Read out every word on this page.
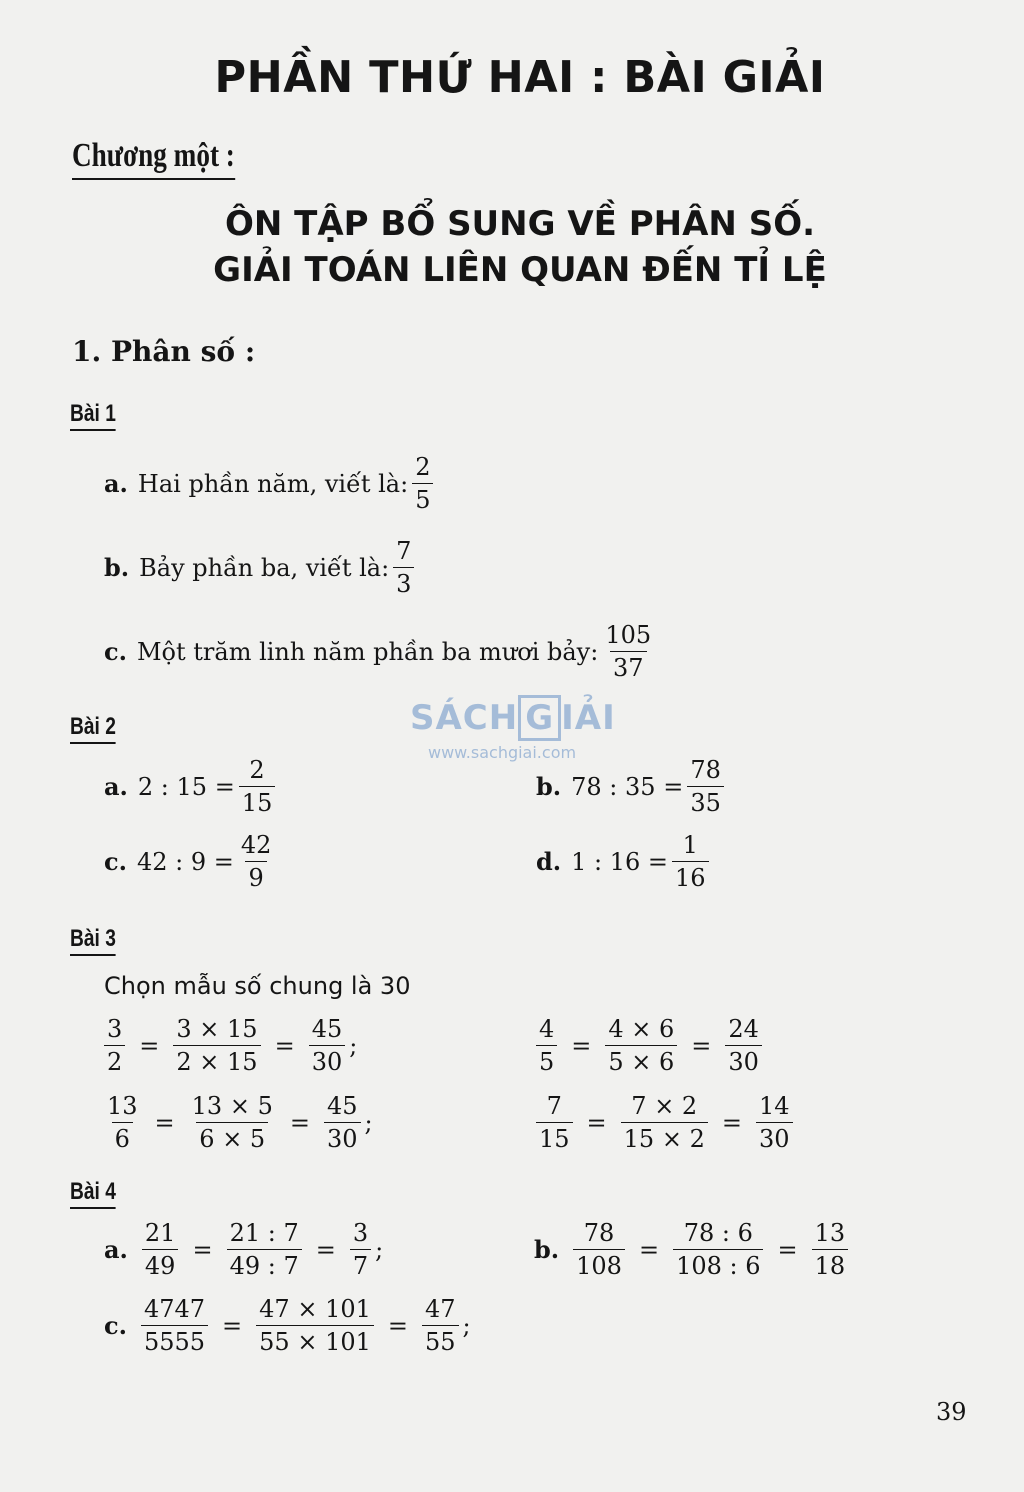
PHẦN THỨ HAI : BÀI GIẢI
Chương một :
ÔN TẬP BỔ SUNG VỀ PHÂN SỐ.
GIẢI TOÁN LIÊN QUAN ĐẾN TỈ LỆ
1. Phân số :
Bài 1
a. Hai phần năm, viết là: $\frac{2}{5}$
b. Bảy phần ba, viết là: $\frac{7}{3}$
c. Một trăm linh năm phần ba mươi bảy: $\frac{105}{37}$
Bài 2
a. 2 : $15 = \frac{2}{15}$	b. 78 : $35 = \frac{78}{35}$
c. 42 : $9 = \frac{42}{9}$	d. 1 : $16 = \frac{1}{16}$
SÁCH G IẢI
www.sachgiai.com
Bài 3
Chọn mẫu số chung là 30
$\frac{3}{2} = \frac{3 \times 15}{2 \times 15} = \frac{45}{30}$ ;	$\frac{4}{5} = \frac{4 \times 6}{5 \times 6} = \frac{24}{30}$
$\frac{13}{6} = \frac{13 \times 5}{6 \times 5} = \frac{45}{30}$ ;	$\frac{7}{15} = \frac{7 \times 2}{15 \times 2} = \frac{14}{30}$
Bài 4
a. $\frac{21}{49} = \frac{21 : 7}{49 : 7} = \frac{3}{7}$ ;	b. $\frac{78}{108} = \frac{78 : 6}{108 : 6} = \frac{13}{18}$
c. $\frac{4747}{5555} = \frac{47 \times 101}{55 \times 101} = \frac{47}{55}$ ;
39
